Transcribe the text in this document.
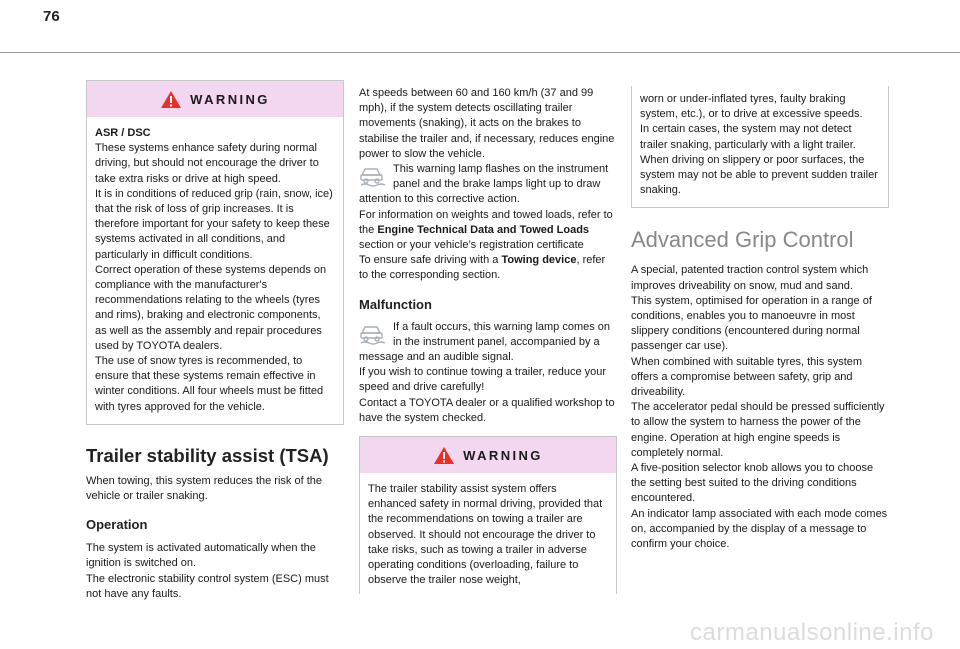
76
WARNING

ASR / DSC

These systems enhance safety during normal driving, but should not encourage the driver to take extra risks or drive at high speed.
It is in conditions of reduced grip (rain, snow, ice) that the risk of loss of grip increases. It is therefore important for your safety to keep these systems activated in all conditions, and particularly in difficult conditions.
Correct operation of these systems depends on compliance with the manufacturer's recommendations relating to the wheels (tyres and rims), braking and electronic components, as well as the assembly and repair procedures used by TOYOTA dealers.
The use of snow tyres is recommended, to ensure that these systems remain effective in winter conditions. All four wheels must be fitted with tyres approved for the vehicle.

Trailer stability assist (TSA)

When towing, this system reduces the risk of the vehicle or trailer snaking.

Operation

The system is activated automatically when the ignition is switched on.
The electronic stability control system (ESC) must not have any faults.

At speeds between 60 and 160 km/h (37 and 99 mph), if the system detects oscillating trailer movements (snaking), it acts on the brakes to stabilise the trailer and, if necessary, reduces engine power to slow the vehicle.

This warning lamp flashes on the instrument panel and the brake lamps light up to draw attention to this corrective action.

For information on weights and towed loads, refer to the Engine Technical Data and Towed Loads section or your vehicle’s registration certificate

To ensure safe driving with a Towing device, refer to the corresponding section.

Malfunction

If a fault occurs, this warning lamp comes on in the instrument panel, accompanied by a message and an audible signal.

If you wish to continue towing a trailer, reduce your speed and drive carefully!
Contact a TOYOTA dealer or a qualified workshop to have the system checked.

WARNING

The trailer stability assist system offers enhanced safety in normal driving, provided that the recommendations on towing a trailer are observed. It should not encourage the driver to take risks, such as towing a trailer in adverse operating conditions (overloading, failure to observe the trailer nose weight,

worn or under-inflated tyres, faulty braking system, etc.), or to drive at excessive speeds.
In certain cases, the system may not detect trailer snaking, particularly with a light trailer.
When driving on slippery or poor surfaces, the system may not be able to prevent sudden trailer snaking.

Advanced Grip Control

A special, patented traction control system which improves driveability on snow, mud and sand.
This system, optimised for operation in a range of conditions, enables you to manoeuvre in most slippery conditions (encountered during normal passenger car use).
When combined with suitable tyres, this system offers a compromise between safety, grip and driveability.
The accelerator pedal should be pressed sufficiently to allow the system to harness the power of the engine. Operation at high engine speeds is completely normal.
A five-position selector knob allows you to choose the setting best suited to the driving conditions encountered.
An indicator lamp associated with each mode comes on, accompanied by the display of a message to confirm your choice.

carmanualsonline.info
